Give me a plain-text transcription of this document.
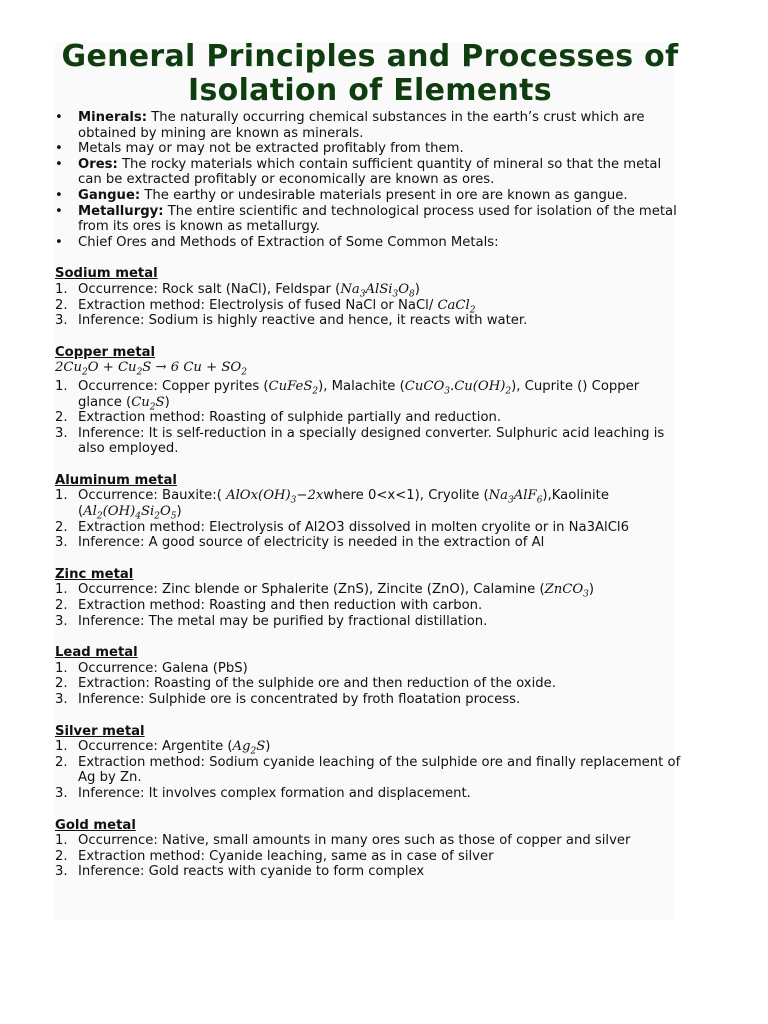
General Principles and Processes of Isolation of Elements
• Minerals: The naturally occurring chemical substances in the earth’s crust which are obtained by mining are known as minerals.
• Metals may or may not be extracted profitably from them.
• Ores: The rocky materials which contain sufficient quantity of mineral so that the metal can be extracted profitably or economically are known as ores.
• Gangue: The earthy or undesirable materials present in ore are known as gangue.
• Metallurgy: The entire scientific and technological process used for isolation of the metal from its ores is known as metallurgy.
• Chief Ores and Methods of Extraction of Some Common Metals:
Sodium metal
1. Occurrence: Rock salt (NaCl), Feldspar $(Na_3AlSi_3O_8)$
2. Extraction method: Electrolysis of fused NaCl or NaCl/ CaCl$_2$
3. Inference: Sodium is highly reactive and hence, it reacts with water.
Copper metal
$2Cu_2O + Cu_2S \to 6$ $Cu + SO_2$
1. Occurrence: Copper pyrites (CuFeS$_2$), Malachite $(CuCO_3.Cu(OH)_2)$, Cuprite () Copper glance $(Cu_2S)$
2. Extraction method: Roasting of sulphide partially and reduction.
3. Inference: It is self-reduction in a specially designed converter. Sulphuric acid leaching is also employed.
Aluminum metal
1. Occurrence: Bauxite:( $AlOx(OH)_3-2xwhere$ 0<x<1), Cryolite $(Na_3AlF_6),Kaolinite$ $(Al_2(OH)_4Si_2O_5)$
2. Extraction method: Electrolysis of Al2O3 dissolved in molten cryolite or in Na3AlCl6
3. Inference: A good source of electricity is needed in the extraction of Al
Zinc metal
1. Occurrence: Zinc blende or Sphalerite (ZnS), Zincite (ZnO), Calamine (ZnCO$_3$)
2. Extraction method: Roasting and then reduction with carbon.
3. Inference: The metal may be purified by fractional distillation.
Lead metal
1. Occurrence: Galena (PbS)
2. Extraction: Roasting of the sulphide ore and then reduction of the oxide.
3. Inference: Sulphide ore is concentrated by froth floatation process.
Silver metal
1. Occurrence: Argentite $(Ag_2S)$
2. Extraction method: Sodium cyanide leaching of the sulphide ore and finally replacement of Ag by Zn.
3. Inference: It involves complex formation and displacement.
Gold metal
1. Occurrence: Native, small amounts in many ores such as those of copper and silver
2. Extraction method: Cyanide leaching, same as in case of silver
3. Inference: Gold reacts with cyanide to form complex
